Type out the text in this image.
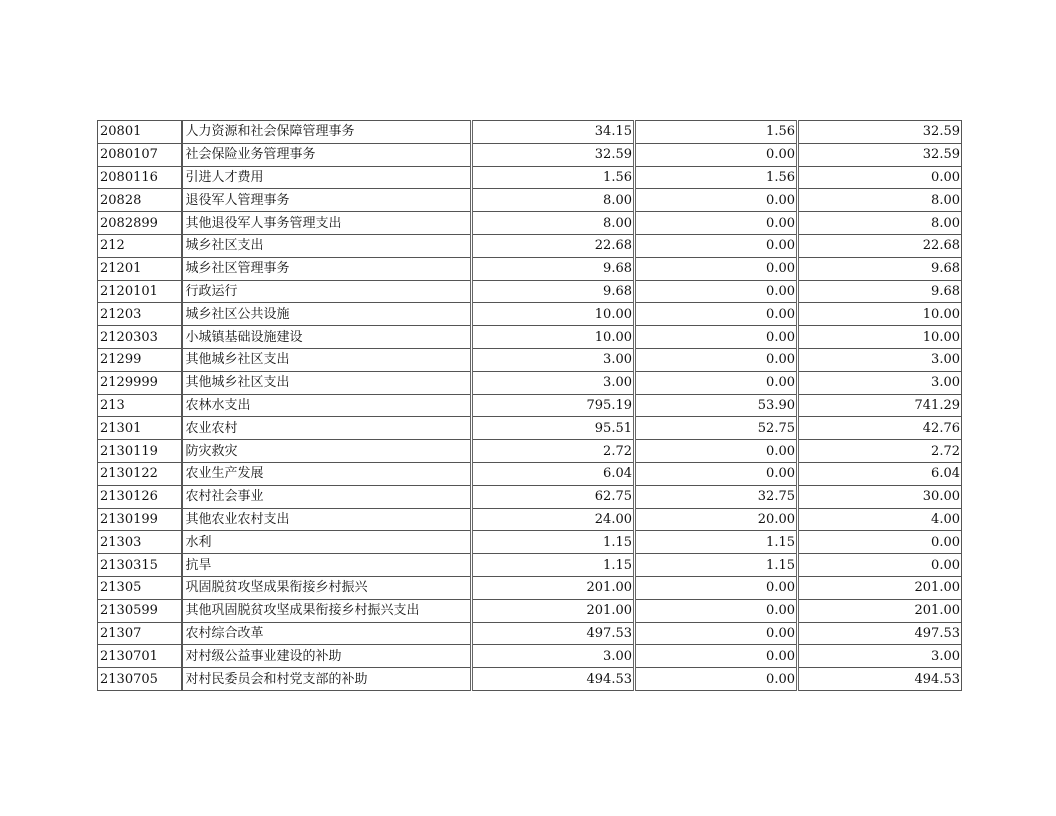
20801	人力资源和社会保障管理事务	34.15	1.56	32.59
2080107	社会保险业务管理事务	32.59	0.00	32.59
2080116	引进人才费用	1.56	1.56	0.00
20828	退役军人管理事务	8.00	0.00	8.00
2082899	其他退役军人事务管理支出	8.00	0.00	8.00
212	城乡社区支出	22.68	0.00	22.68
21201	城乡社区管理事务	9.68	0.00	9.68
2120101	行政运行	9.68	0.00	9.68
21203	城乡社区公共设施	10.00	0.00	10.00
2120303	小城镇基础设施建设	10.00	0.00	10.00
21299	其他城乡社区支出	3.00	0.00	3.00
2129999	其他城乡社区支出	3.00	0.00	3.00
213	农林水支出	795.19	53.90	741.29
21301	农业农村	95.51	52.75	42.76
2130119	防灾救灾	2.72	0.00	2.72
2130122	农业生产发展	6.04	0.00	6.04
2130126	农村社会事业	62.75	32.75	30.00
2130199	其他农业农村支出	24.00	20.00	4.00
21303	水利	1.15	1.15	0.00
2130315	抗旱	1.15	1.15	0.00
21305	巩固脱贫攻坚成果衔接乡村振兴	201.00	0.00	201.00
2130599	其他巩固脱贫攻坚成果衔接乡村振兴支出	201.00	0.00	201.00
21307	农村综合改革	497.53	0.00	497.53
2130701	对村级公益事业建设的补助	3.00	0.00	3.00
2130705	对村民委员会和村党支部的补助	494.53	0.00	494.53
